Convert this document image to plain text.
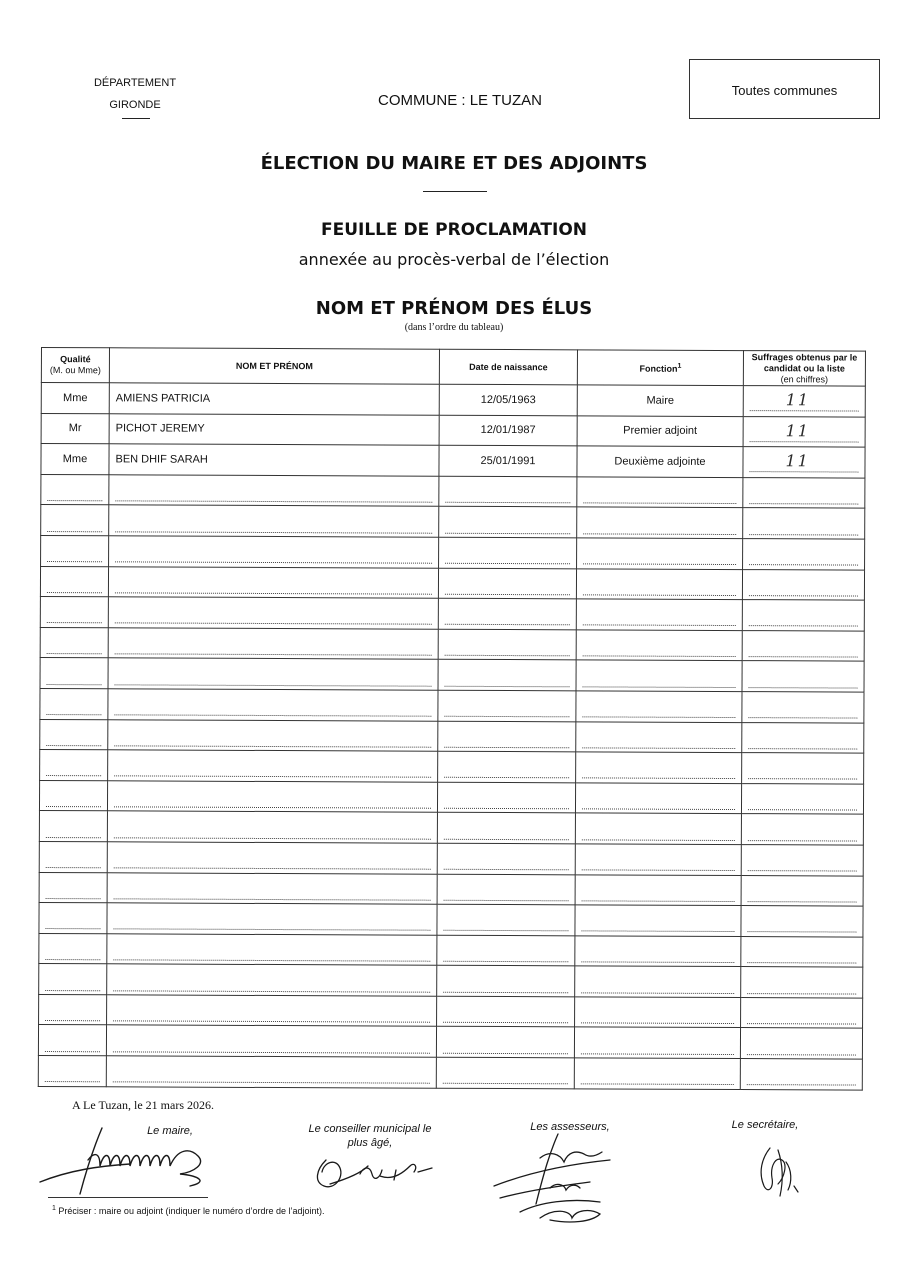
DÉPARTEMENT
GIRONDE	COMMUNE : LE TUZAN
Toutes communes
ÉLECTION DU MAIRE ET DES ADJOINTS
FEUILLE DE PROCLAMATION
annexée au procès-verbal de l’élection
NOM ET PRÉNOM DES ÉLUS
(dans l’ordre du tableau)
Qualité
(M. ou Mme)	NOM ET PRÉNOM	Date de naissance	Fonction$^1$	Suffrages obtenus par le candidat ou la liste
(en chiffres)

Mme	AMIENS PATRICIA	12/05/1963	Maire	11

Mr	PICHOT JEREMY	12/01/1987	Premier adjoint	11

Mme	BEN DHIF SARAH	25/01/1991	Deuxième adjointe	11

A Le Tuzan, le 21 mars 2026.
Le maire,	Le conseiller municipal le plus âgé,
Les assesseurs,	Le secrétaire,
$^1$ Préciser : maire ou adjoint (indiquer le numéro d’ordre de l’adjoint).
